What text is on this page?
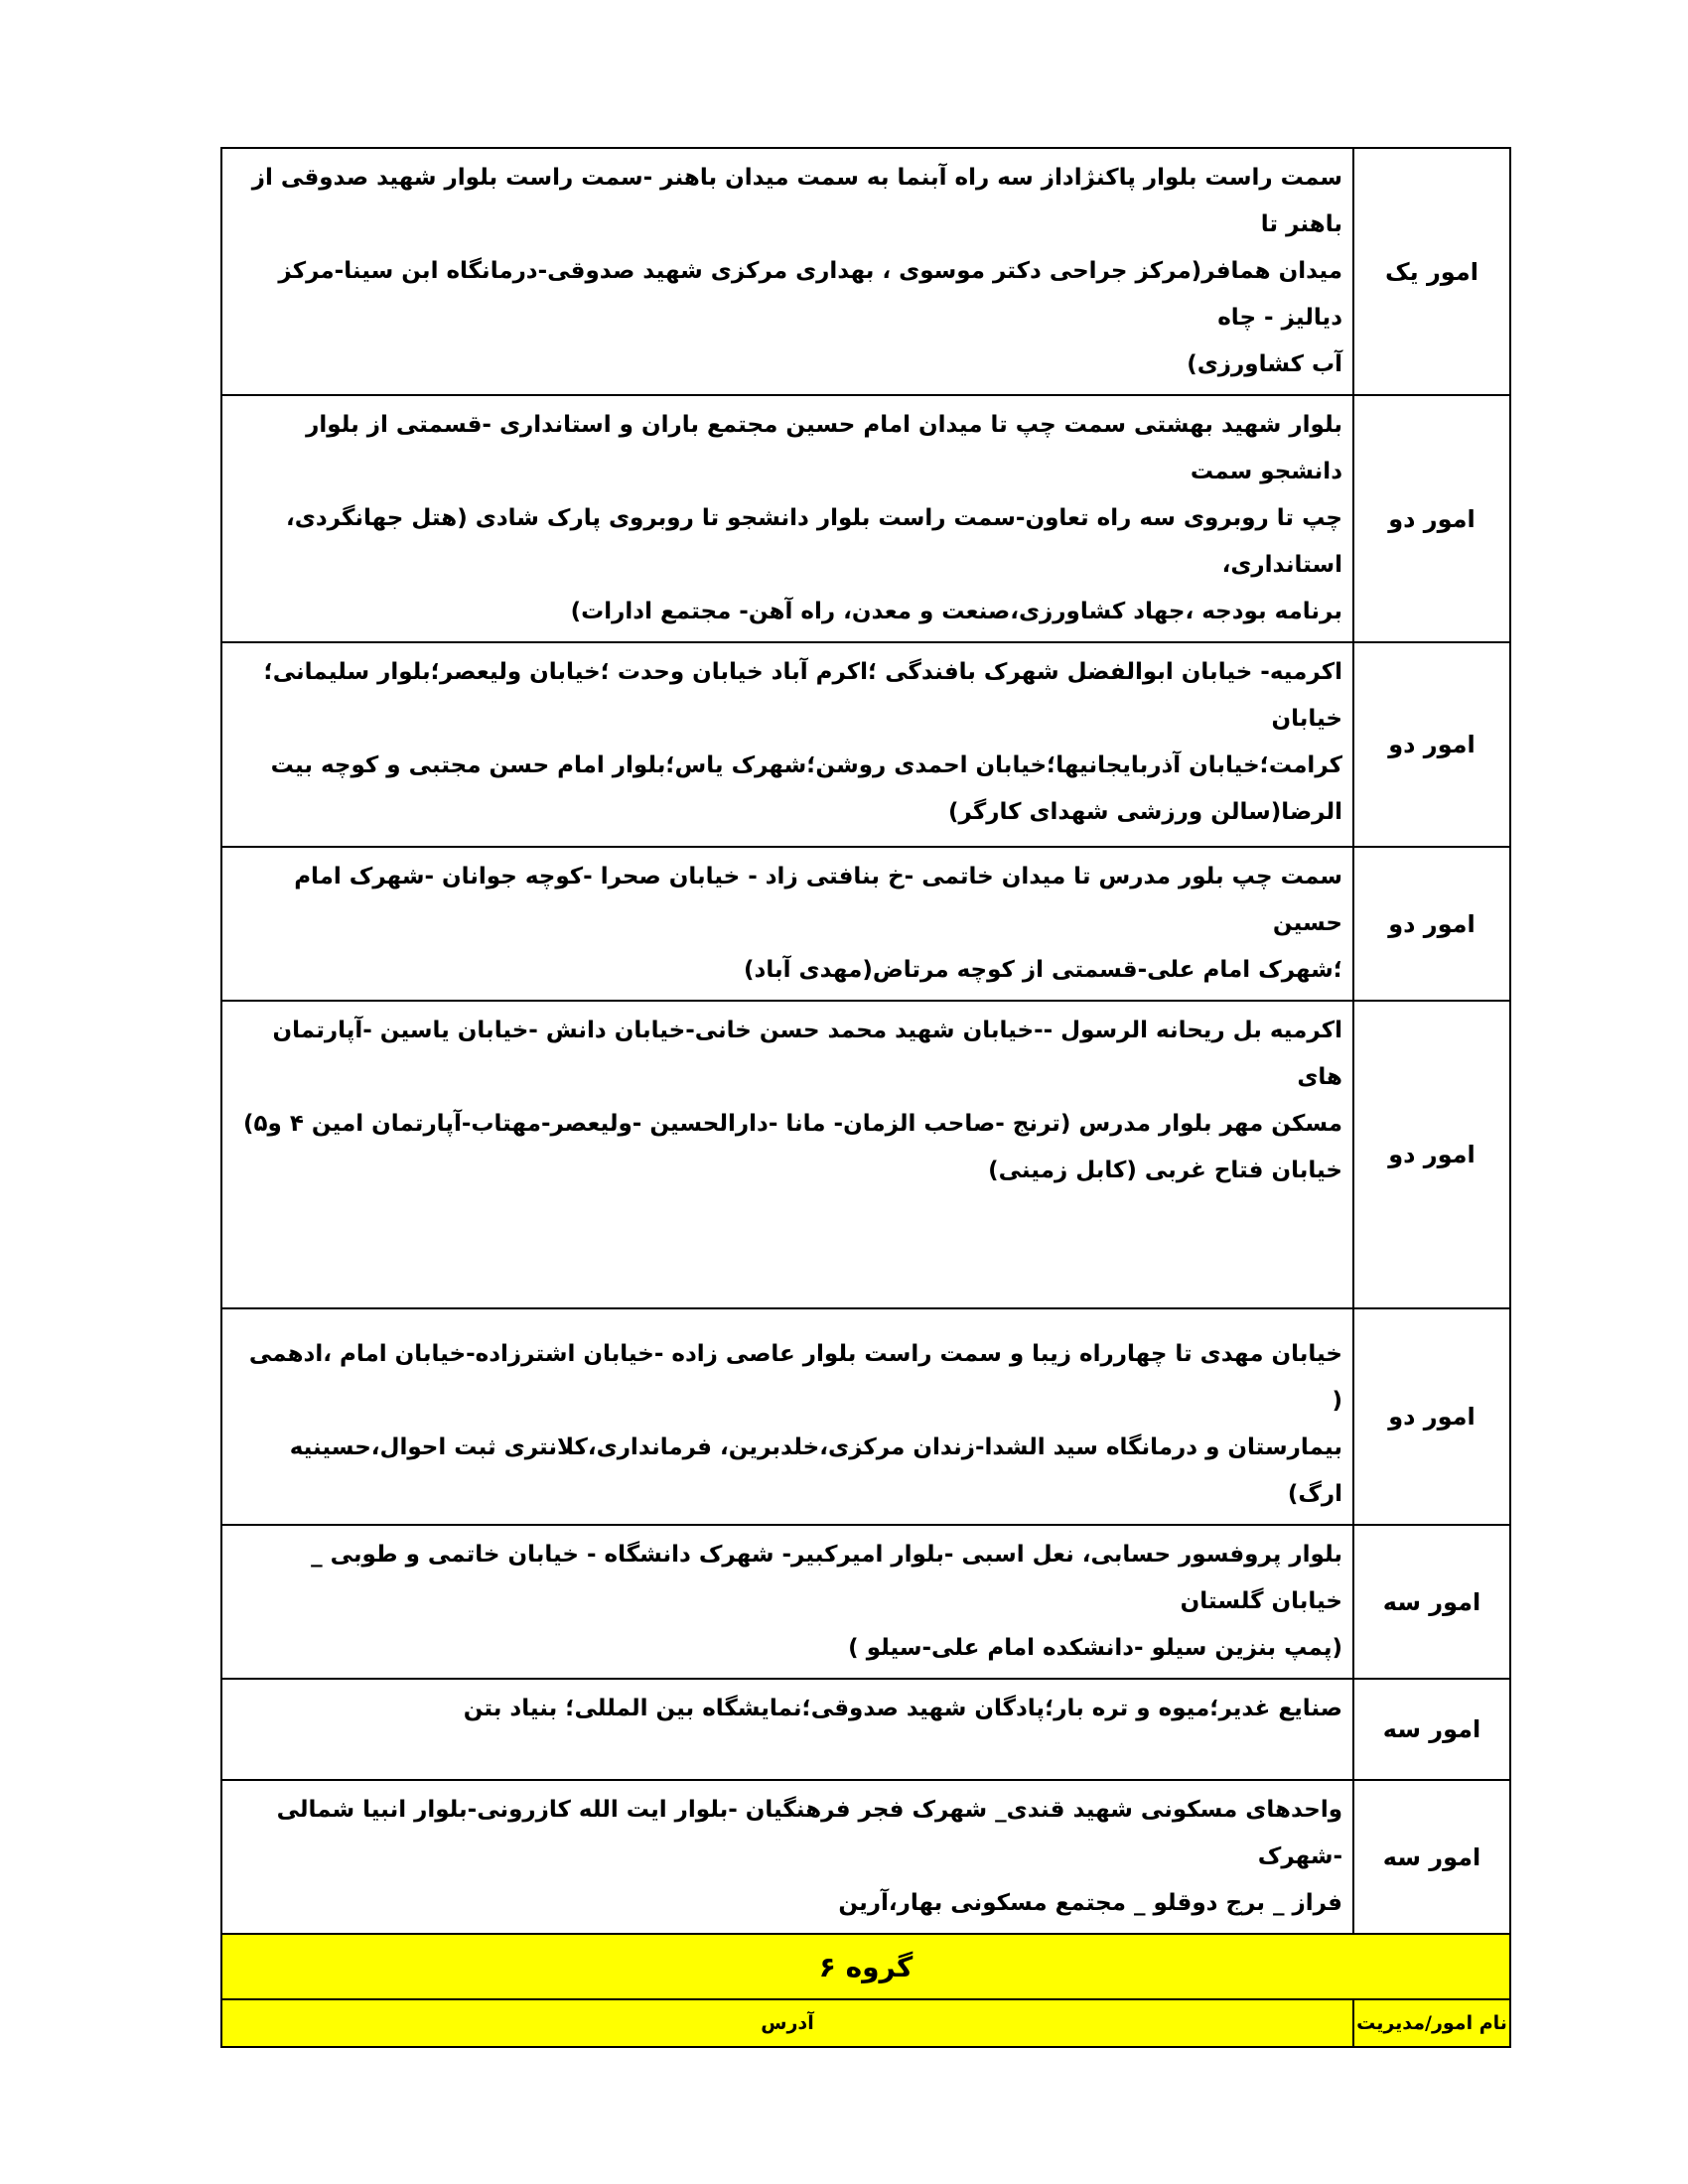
امور یک	سمت راست بلوار پاکنژاداز سه راه آبنما به سمت میدان باهنر -سمت راست بلوار شهید صدوقی از باهنر تا
میدان همافر(مرکز جراحی دکتر موسوی ، بهداری مرکزی شهید صدوقی-درمانگاه ابن سینا-مرکز دیالیز - چاه
آب کشاورزی)
امور دو	بلوار شهید بهشتی سمت چپ تا میدان امام حسین مجتمع باران و استانداری -قسمتی از بلوار دانشجو سمت
چپ تا روبروی سه راه تعاون-سمت راست بلوار دانشجو تا روبروی پارک شادی (هتل جهانگردی، استانداری،
برنامه بودجه ،جهاد کشاورزی،صنعت و معدن، راه آهن- مجتمع ادارات)
امور دو	اکرمیه- خیابان ابوالفضل شهرک بافندگی ؛اکرم آباد خیابان وحدت ؛خیابان ولیعصر؛بلوار سلیمانی؛ خیابان
کرامت؛خیابان آذربایجانیها؛خیابان احمدی روشن؛شهرک یاس؛بلوار امام حسن مجتبی و کوچه بیت
الرضا(سالن ورزشی شهدای کارگر)
امور دو	سمت چپ بلور مدرس تا میدان خاتمی -خ بنافتی زاد - خیابان صحرا -کوچه جوانان -شهرک امام حسین
؛شهرک امام علی-قسمتی از کوچه مرتاض(مهدی آباد)
امور دو	اکرمیه بل ریحانه الرسول --خیابان شهید محمد حسن خانی-خیابان دانش -خیابان یاسین -آپارتمان های
مسکن مهر بلوار مدرس (ترنج -صاحب الزمان- مانا -دارالحسین -ولیعصر-مهتاب-آپارتمان امین ۴ و۵)
خیابان فتاح غربی (کابل زمینی)
امور دو	خیابان مهدی تا چهارراه زیبا و سمت راست بلوار عاصی زاده -خیابان اشترزاده-خیابان امام ،ادهمی (
بیمارستان و درمانگاه سید الشدا-زندان مرکزی،خلدبرین، فرمانداری،کلانتری ثبت احوال،حسینیه ارگ)
امور سه	بلوار پروفسور حسابی، نعل اسبی -بلوار امیرکبیر- شهرک دانشگاه - خیابان خاتمی و طوبی _ خیابان گلستان
(پمپ بنزین سیلو -دانشکده امام علی-سیلو )
امور سه	صنایع غدیر؛میوه و تره بار؛پادگان شهید صدوقی؛نمایشگاه بین المللی؛ بنیاد بتن
امور سه	واحدهای مسکونی شهید قندی_ شهرک فجر فرهنگیان -بلوار ایت الله کازرونی-بلوار انبیا شمالی -شهرک
فراز _ برج دوقلو _ مجتمع مسکونی بهار،آرین
گروه ۶	
نام امور/مدیریت	آدرس
